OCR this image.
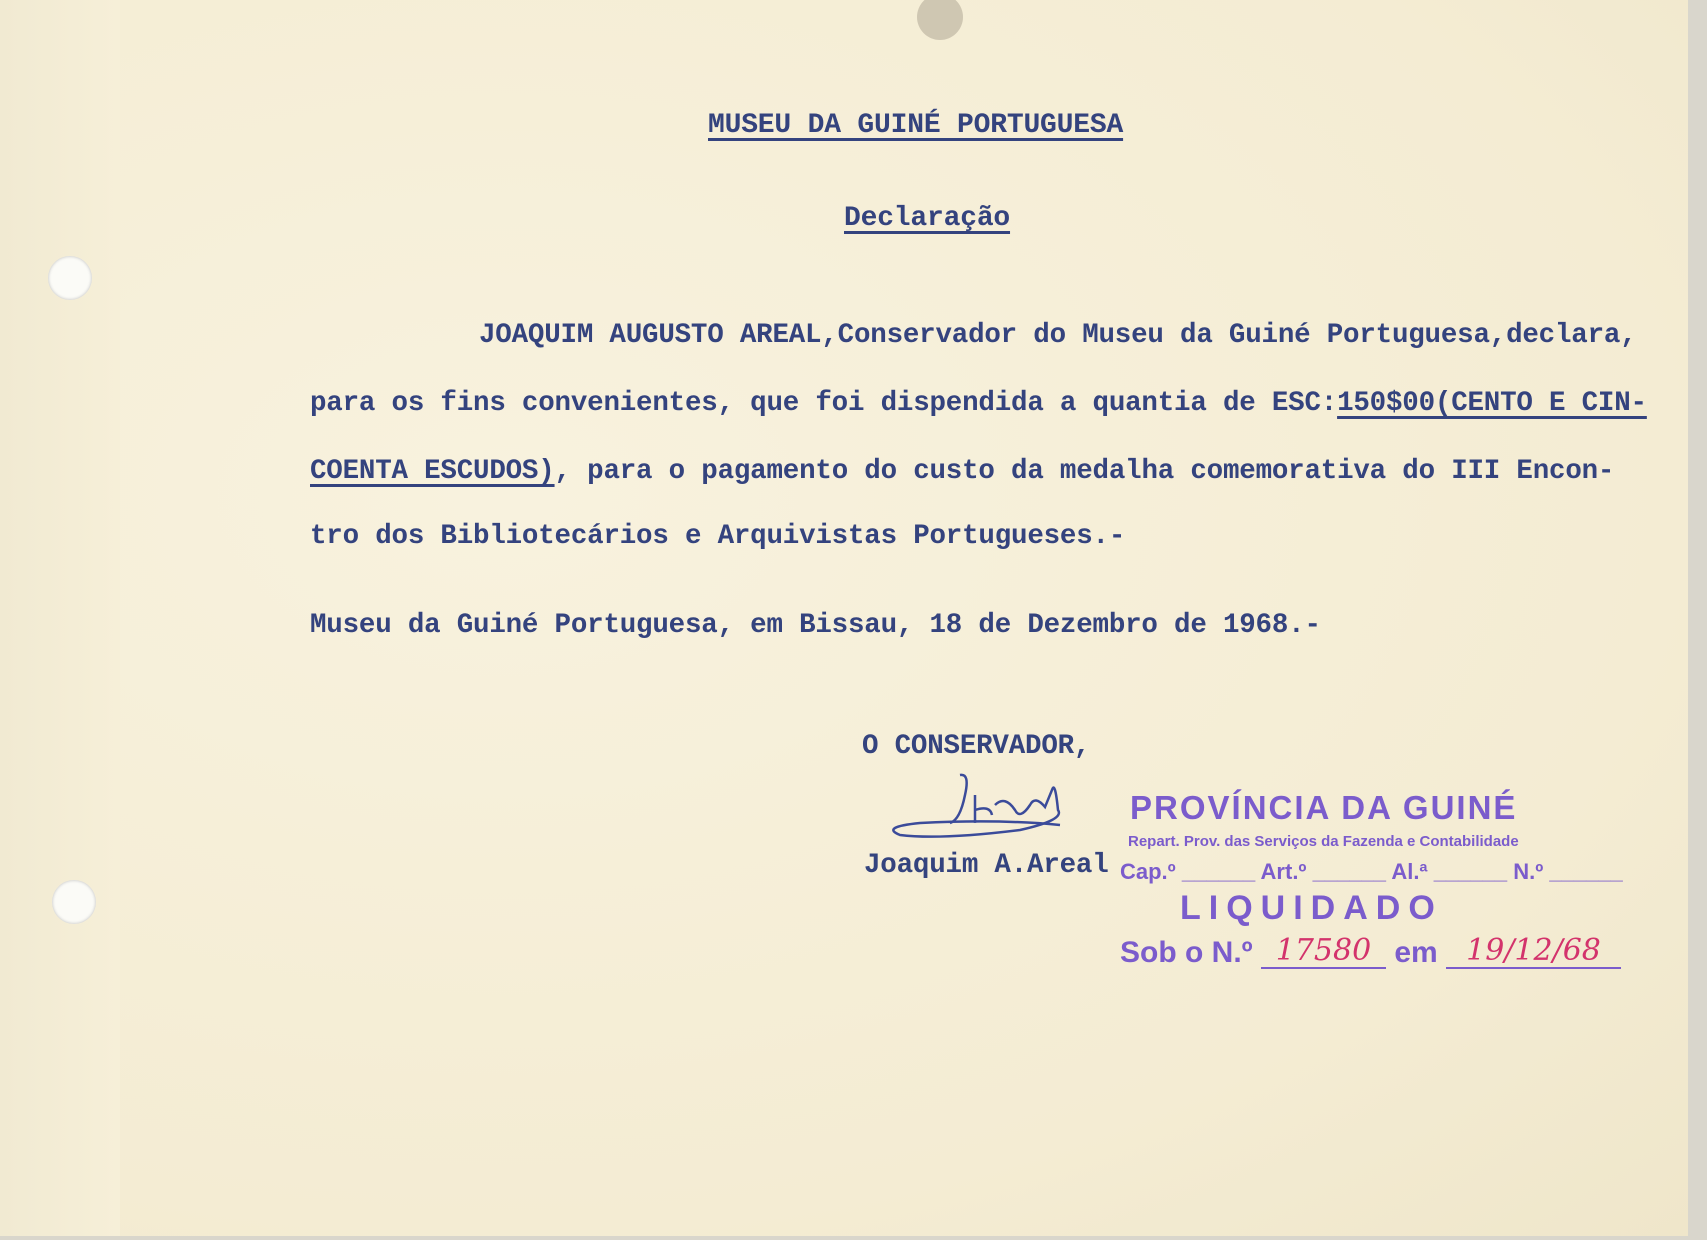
MUSEU DA GUINÉ PORTUGUESA
Declaração
JOAQUIM AUGUSTO AREAL,Conservador do Museu da Guiné Portuguesa,declara,
para os fins convenientes, que foi dispendida a quantia de ESC:150$00(CENTO E CIN-
COENTA ESCUDOS), para o pagamento do custo da medalha comemorativa do III Encon-
tro dos Bibliotecários e Arquivistas Portugueses.-
Museu da Guiné Portuguesa, em Bissau, 18 de Dezembro de 1968.-
O CONSERVADOR,
Joaquim A.Areal
PROVÍNCIA DA GUINÉ
Repart. Prov. das Serviços da Fazenda e Contabilidade
Cap.º ______ Art.º ______ Al.ª ______ N.º ______
LIQUIDADO
Sob o N.º 17580 em 19/12/68
